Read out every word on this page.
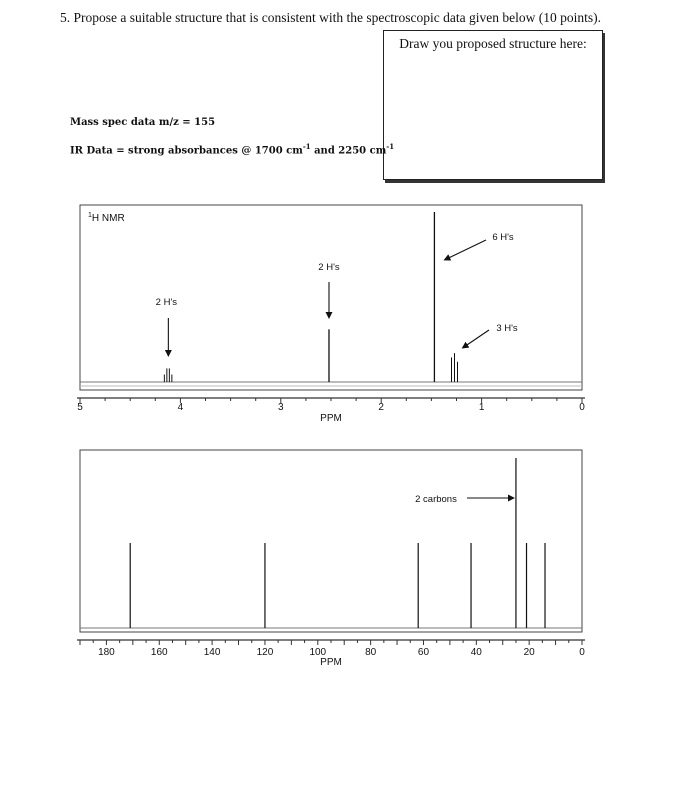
5. Propose a suitable structure that is consistent with the spectroscopic data given below (10 points).
Draw you proposed structure here:
Mass spec data m/z = 155
IR Data = strong absorbances @ 1700 $cm^{-1}$ and 2250 $cm^{-1}$
$^1$H NMR
5	4	3	2	1	0
PPM
2 H's
2 H's
6 H's
3 H's
180	160	140	120	100	80	60	40	20	0
PPM
2 carbons
